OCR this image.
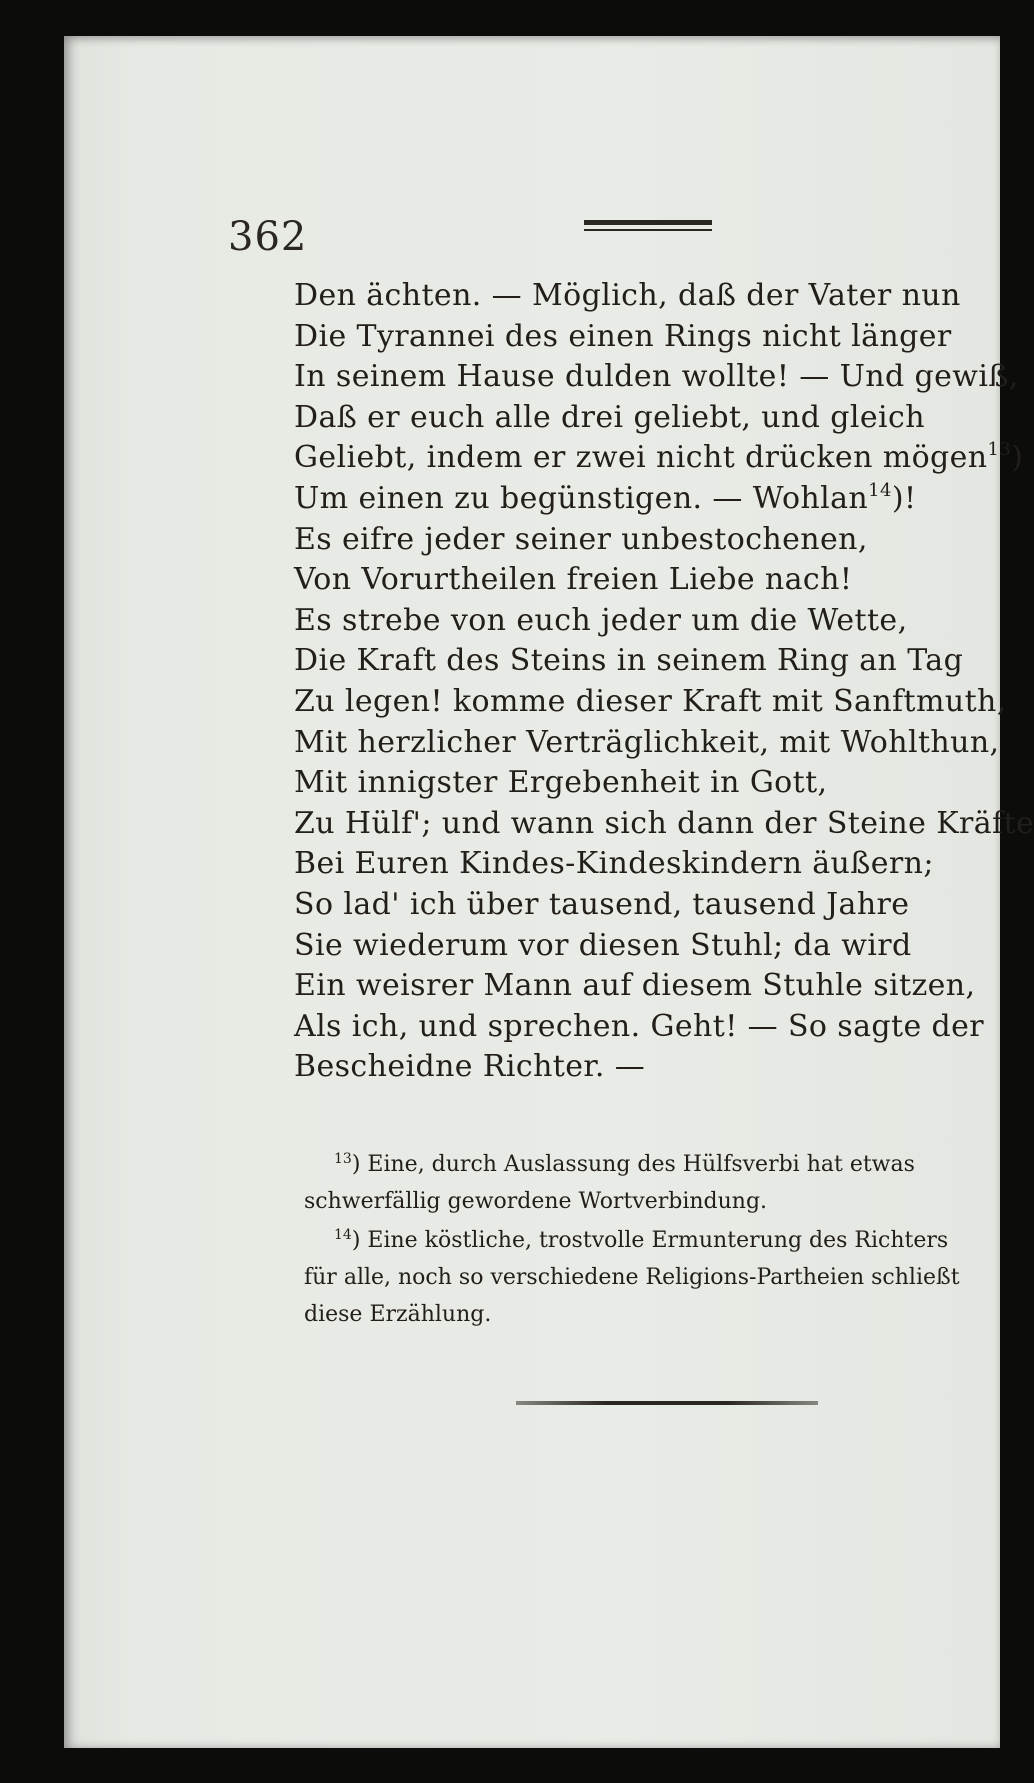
362
Den ächten. — Möglich, daß der Vater nun
Die Tyrannei des einen Rings nicht länger
In seinem Hause dulden wollte! — Und gewiß,
Daß er euch alle drei geliebt, und gleich
Geliebt, indem er zwei nicht drücken mögen$^{13}$)
Um einen zu begünstigen. — Wohlan$^{14}$)!
Es eifre jeder seiner unbestochenen,
Von Vorurtheilen freien Liebe nach!
Es strebe von euch jeder um die Wette,
Die Kraft des Steins in seinem Ring an Tag
Zu legen! komme dieser Kraft mit Sanftmuth,
Mit herzlicher Verträglichkeit, mit Wohlthun,
Mit innigster Ergebenheit in Gott,
Zu Hülf'; und wann sich dann der Steine Kräfte
Bei Euren Kindes-Kindeskindern äußern;
So lad' ich über tausend, tausend Jahre
Sie wiederum vor diesen Stuhl; da wird
Ein weisrer Mann auf diesem Stuhle sitzen,
Als ich, und sprechen. Geht! — So sagte der
Bescheidne Richter. —
$^{13}$) Eine, durch Auslassung des Hülfsverbi hat etwas
schwerfällig gewordene Wortverbindung.
$^{14}$) Eine köstliche, trostvolle Ermunterung des Richters
für alle, noch so verschiedene Religions-Partheien schließt
diese Erzählung.
